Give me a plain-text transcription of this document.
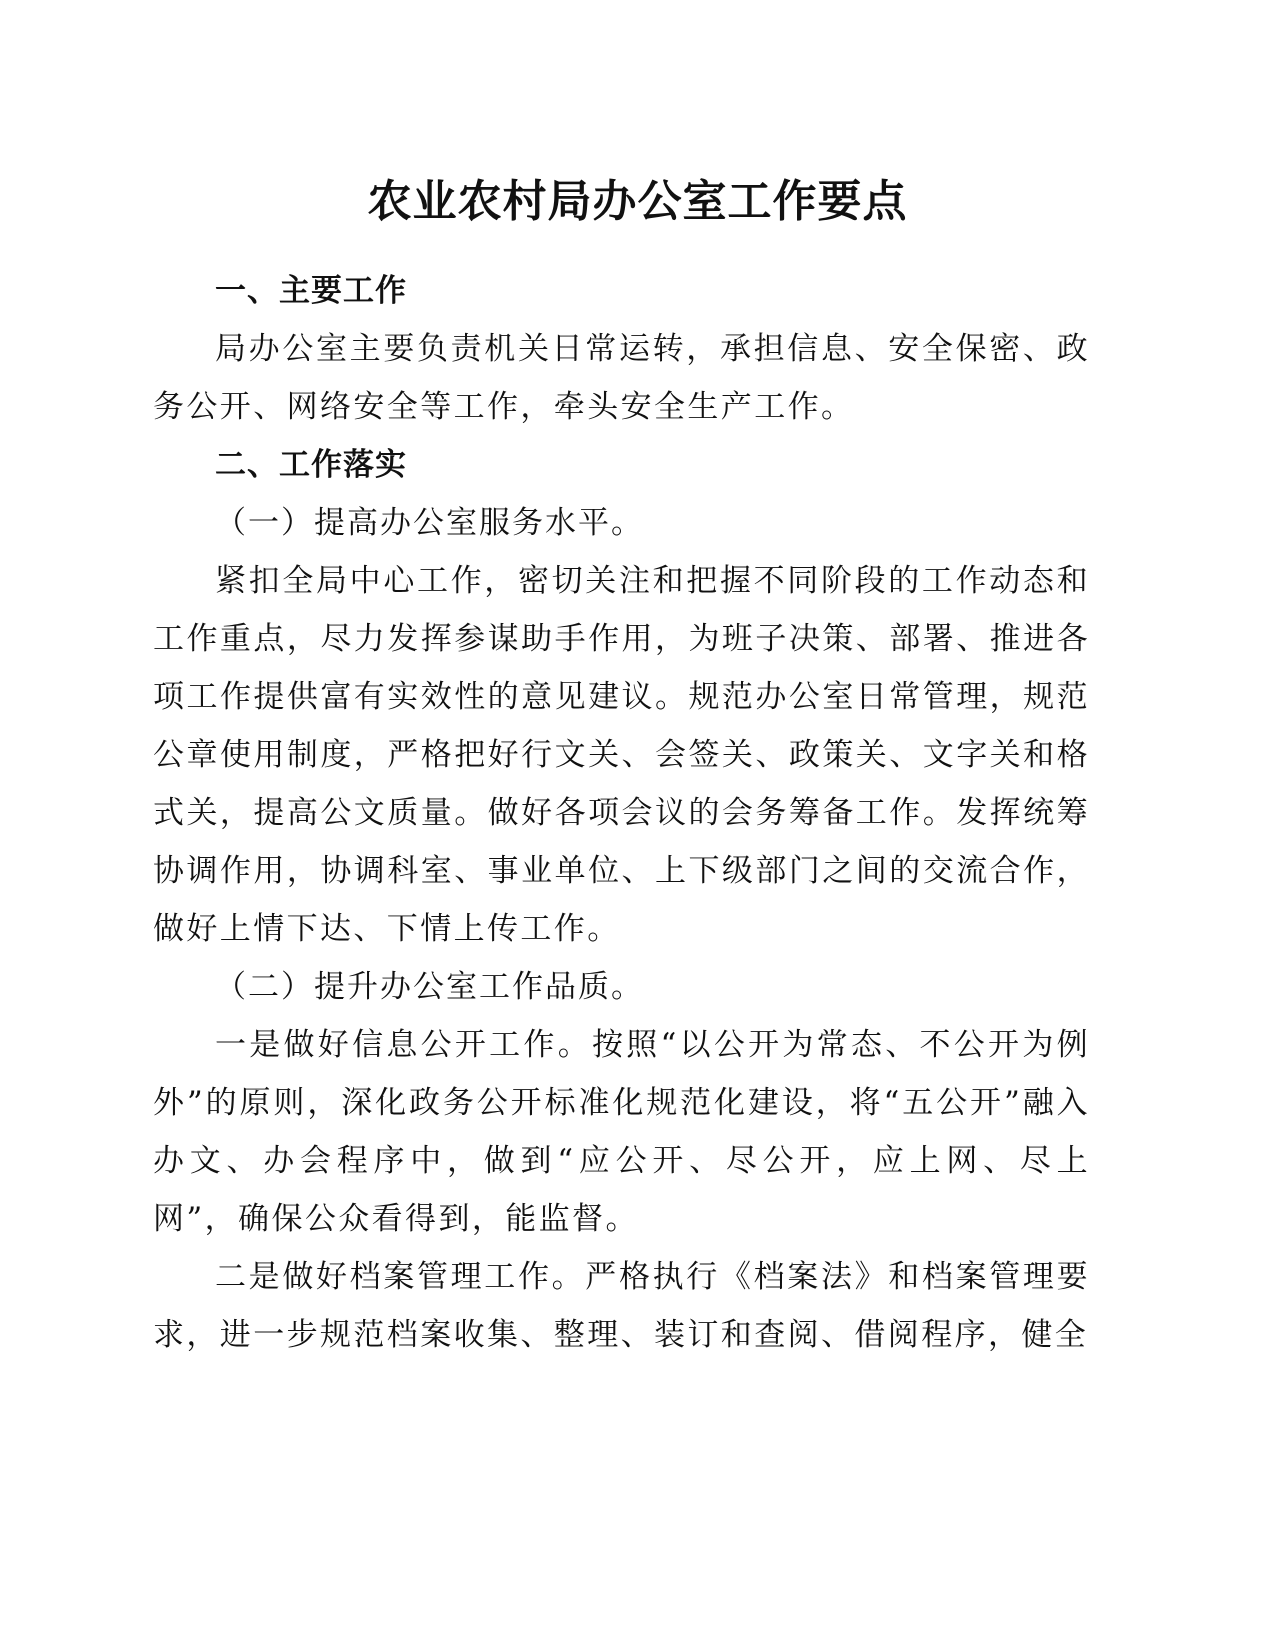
农业农村局办公室工作要点

一、主要工作

局办公室主要负责机关日常运转，承担信息、安全保密、政务公开、网络安全等工作，牵头安全生产工作。

二、工作落实

（一）提高办公室服务水平。

紧扣全局中心工作，密切关注和把握不同阶段的工作动态和工作重点，尽力发挥参谋助手作用，为班子决策、部署、推进各项工作提供富有实效性的意见建议。规范办公室日常管理，规范公章使用制度，严格把好行文关、会签关、政策关、文字关和格式关，提高公文质量。做好各项会议的会务筹备工作。发挥统筹协调作用，协调科室、事业单位、上下级部门之间的交流合作，做好上情下达、下情上传工作。

（二）提升办公室工作品质。

一是做好信息公开工作。按照“以公开为常态、不公开为例外”的原则，深化政务公开标准化规范化建设，将“五公开”融入办文、办会程序中，做到“应公开、尽公开，应上网、尽上网”，确保公众看得到，能监督。

二是做好档案管理工作。严格执行《档案法》和档案管理要求，进一步规范档案收集、整理、装订和查阅、借阅程序，健全
